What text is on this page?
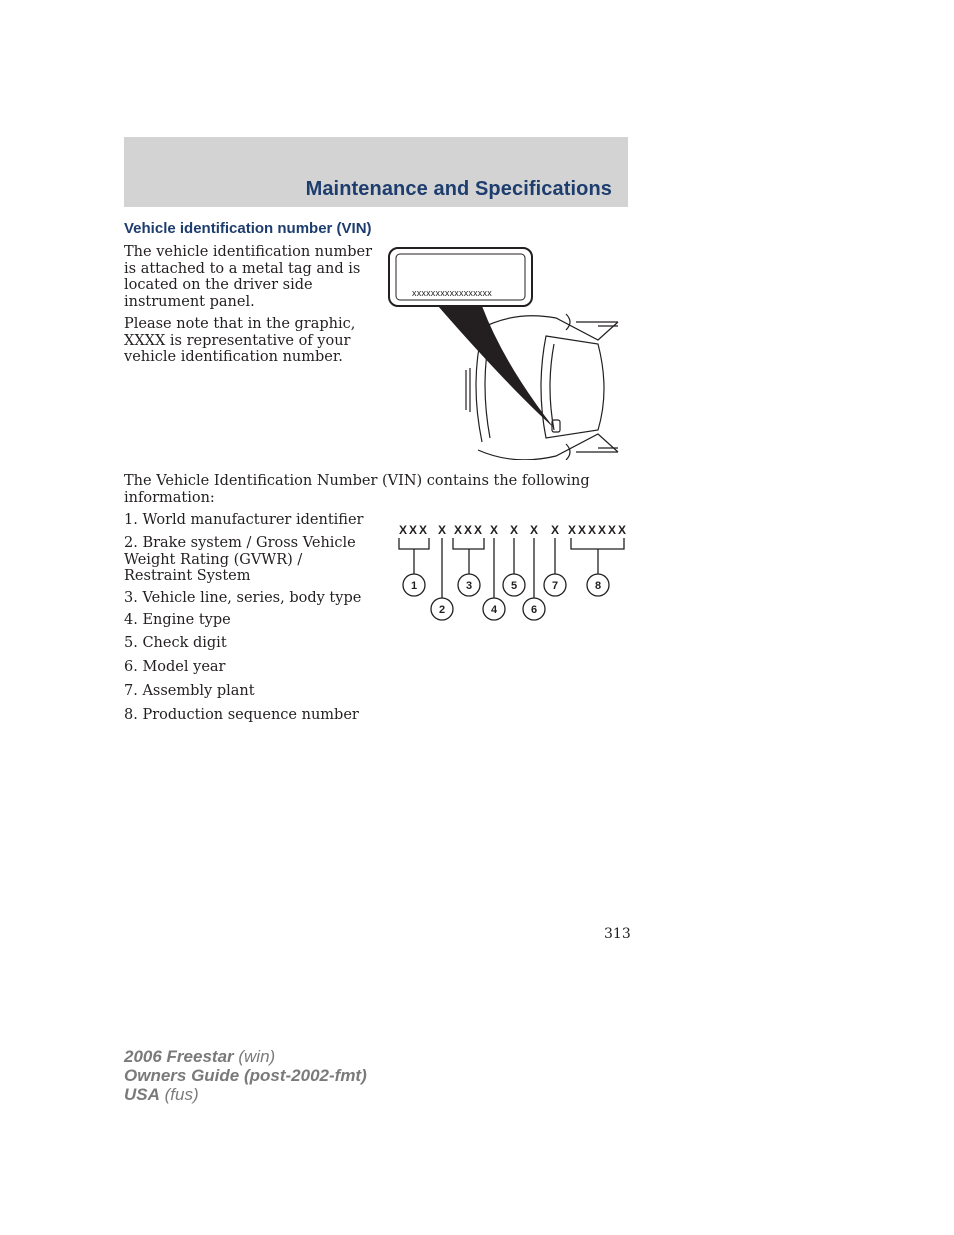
Maintenance and Specifications
Vehicle identification number (VIN)

The vehicle identification number is attached to a metal tag and is located on the driver side instrument panel.

Please note that in the graphic, XXXX is representative of your vehicle identification number.

xxxxxxxxxxxxxxxxx

The Vehicle Identification Number (VIN) contains the following information:

1. World manufacturer identifier
2. Brake system / Gross Vehicle Weight Rating (GVWR) / Restraint System
3. Vehicle line, series, body type
4. Engine type
5. Check digit
6. Model year
7. Assembly plant
8. Production sequence number
XXX X XXX X X X X XXXXXX
1
2
3
4
5
6
7	8
313
2006 Freestar (win)
Owners Guide (post-2002-fmt)
USA (fus)
